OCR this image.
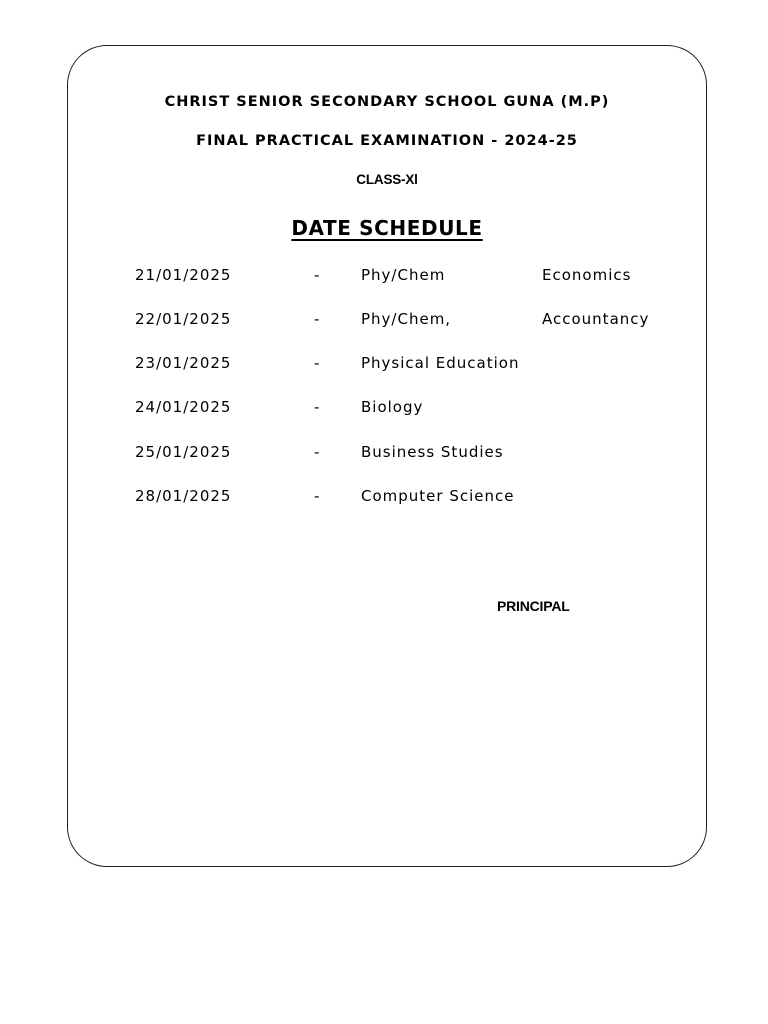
CHRIST SENIOR SECONDARY SCHOOL GUNA (M.P)
FINAL PRACTICAL EXAMINATION - 2024-25
CLASS-Xl
DATE SCHEDULE
21/01/2025	-	Phy/Chem	Economics
22/01/2025	-	Phy/Chem,	Accountancy
23/01/2025	-	Physical Education
24/01/2025	-	Biology
25/01/2025	-	Business Studies
28/01/2025	-	Computer Science
PRINCIPAL
